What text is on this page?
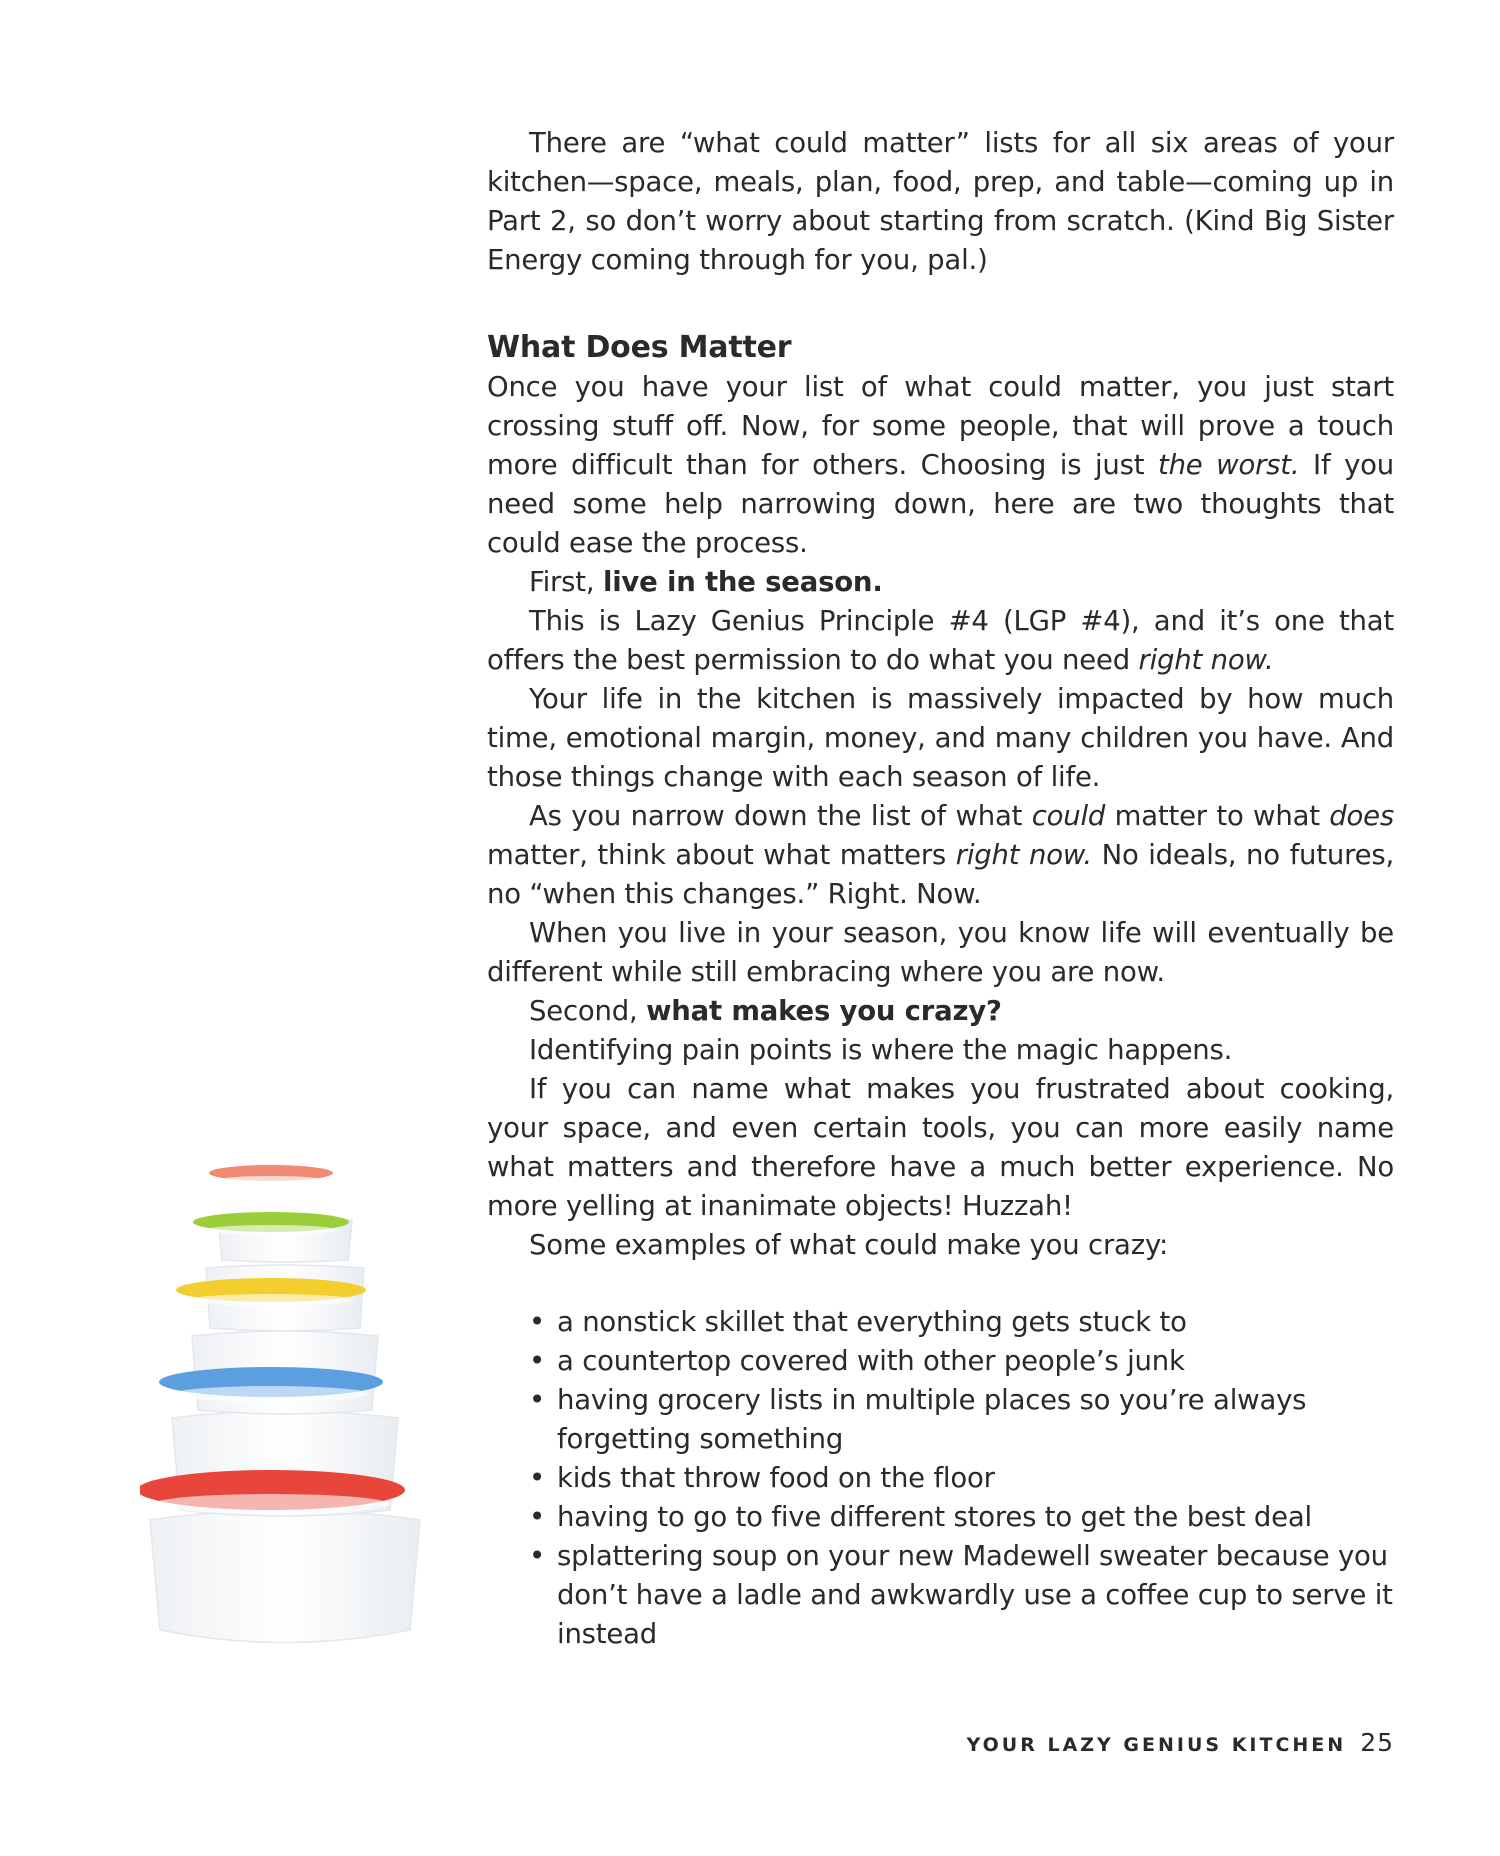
There are “what could matter” lists for all six areas of your kitchen—space, meals, plan, food, prep, and table—coming up in Part 2, so don’t worry about starting from scratch. (Kind Big Sister Energy coming through for you, pal.)

What Does Matter

Once you have your list of what could matter, you just start crossing stuff off. Now, for some people, that will prove a touch more difficult than for others. Choosing is just the worst. If you need some help narrowing down, here are two thoughts that could ease the process.

First, live in the season.

This is Lazy Genius Principle #4 (LGP #4), and it’s one that offers the best permission to do what you need right now.

Your life in the kitchen is massively impacted by how much time, emotional margin, money, and many children you have. And those things change with each season of life.

As you narrow down the list of what could matter to what does matter, think about what matters right now. No ideals, no futures, no “when this changes.” Right. Now.

When you live in your season, you know life will eventually be different while still embracing where you are now.

Second, what makes you crazy?

Identifying pain points is where the magic happens.

If you can name what makes you frustrated about cooking, your space, and even certain tools, you can more easily name what matters and therefore have a much better experience. No more yelling at inanimate objects! Huzzah!

Some examples of what could make you crazy:

• a nonstick skillet that everything gets stuck to
• a countertop covered with other people’s junk
• having grocery lists in multiple places so you’re always forgetting something
• kids that throw food on the floor
• having to go to five different stores to get the best deal
• splattering soup on your new Madewell sweater because you don’t have a ladle and awkwardly use a coffee cup to serve it instead
YOUR LAZY GENIUS KITCHEN 25
